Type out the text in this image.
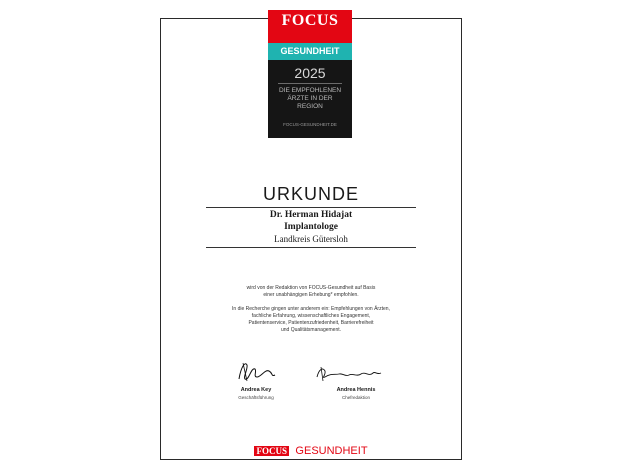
FOCUS
GESUNDHEIT
2025
DIE EMPFOHLENEN
ÄRZTE IN DER
REGION
FOCUS-GESUNDHEIT.DE
URKUNDE
Dr. Herman Hidajat
Implantologe
Landkreis Gütersloh
wird von der Redaktion von FOCUS-Gesundheit auf Basis
einer unabhängigen Erhebung* empfohlen.
In die Recherche gingen unter anderem ein: Empfehlungen von Ärzten,
fachliche Erfahrung, wissenschaftliches Engagement,
Patientenservice, Patientenzufriedenheit, Barrierefreiheit
und Qualitätsmanagement.
Andrea Key
Geschäftsführung
Andrea Hennis
Chefredaktion
FOCUS GESUNDHEIT
